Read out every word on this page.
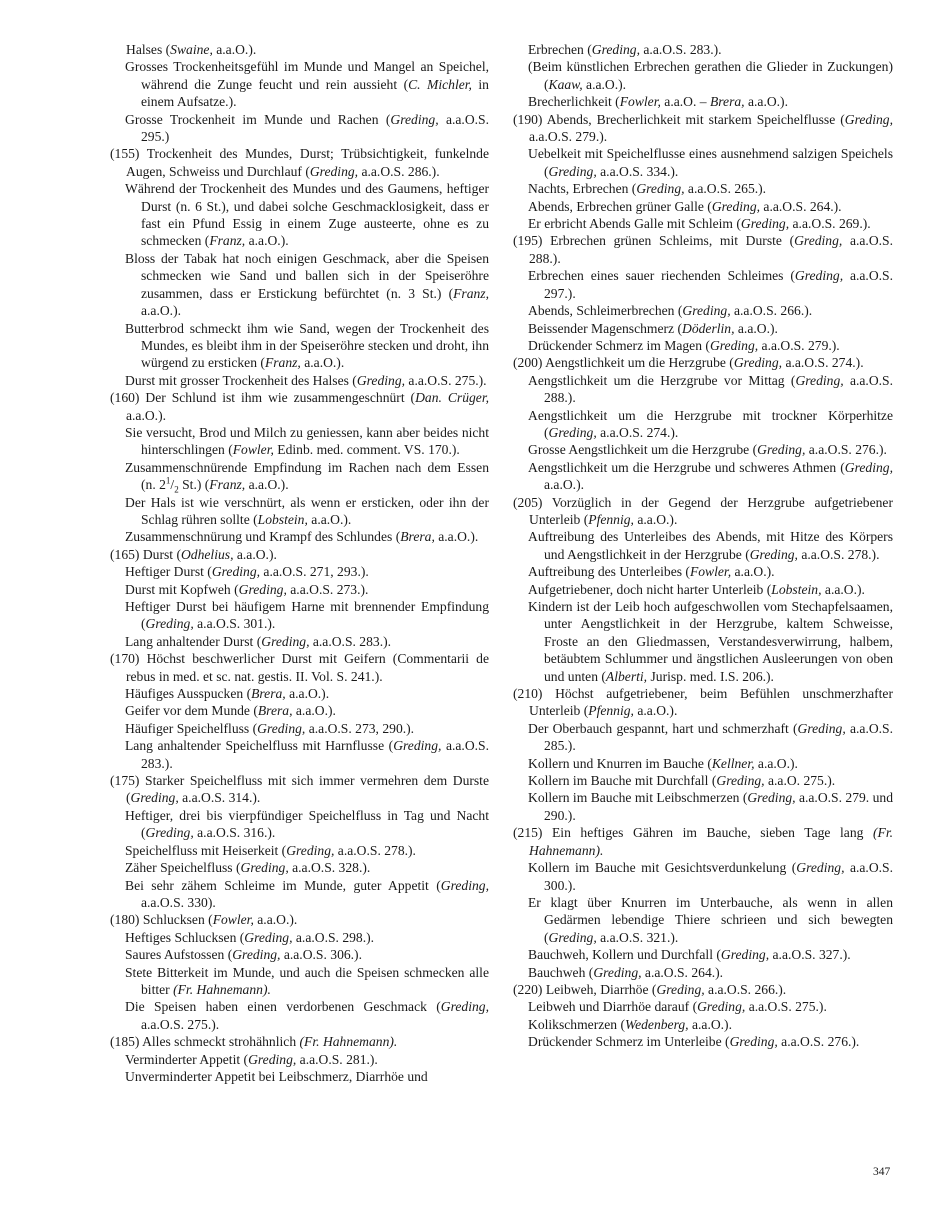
Halses (Swaine, a.a.O.).
Grosses Trockenheitsgefühl im Munde und Mangel an Speichel, während die Zunge feucht und rein aussieht (C. Michler, in einem Aufsatze.).
Grosse Trockenheit im Munde und Rachen (Greding, a.a.O.S. 295.)
(155) Trockenheit des Mundes, Durst; Trübsichtigkeit, funkelnde Augen, Schweiss und Durchlauf (Greding, a.a.O.S. 286.).
Während der Trockenheit des Mundes und des Gaumens, heftiger Durst (n. 6 St.), und dabei solche Geschmacklosigkeit, dass er fast ein Pfund Essig in einem Zuge austeerte, ohne es zu schmecken (Franz, a.a.O.).
Bloss der Tabak hat noch einigen Geschmack, aber die Speisen schmecken wie Sand und ballen sich in der Speiseröhre zusammen, dass er Erstickung befürchtet (n. 3 St.) (Franz, a.a.O.).
Butterbrod schmeckt ihm wie Sand, wegen der Trockenheit des Mundes, es bleibt ihm in der Speiseröhre stecken und droht, ihn würgend zu ersticken (Franz, a.a.O.).
Durst mit grosser Trockenheit des Halses (Greding, a.a.O.S. 275.).
(160) Der Schlund ist ihm wie zusammengeschnürt (Dan. Crüger, a.a.O.).
Sie versucht, Brod und Milch zu geniessen, kann aber beides nicht hinterschlingen (Fowler, Edinb. med. comment. VS. 170.).
Zusammenschnürende Empfindung im Rachen nach dem Essen (n. $2^1/_2$ St.) (Franz, a.a.O.).
Der Hals ist wie verschnürt, als wenn er ersticken, oder ihn der Schlag rühren sollte (Lobstein, a.a.O.).
Zusammenschnürung und Krampf des Schlundes (Brera, a.a.O.).
(165) Durst (Odhelius, a.a.O.).
Heftiger Durst (Greding, a.a.O.S. 271, 293.).
Durst mit Kopfweh (Greding, a.a.O.S. 273.).
Heftiger Durst bei häufigem Harne mit brennender Empfindung (Greding, a.a.O.S. 301.).
Lang anhaltender Durst (Greding, a.a.O.S. 283.).
(170) Höchst beschwerlicher Durst mit Geifern (Commentarii de rebus in med. et sc. nat. gestis. II. Vol. S. 241.).
Häufiges Ausspucken (Brera, a.a.O.).
Geifer vor dem Munde (Brera, a.a.O.).
Häufiger Speichelfluss (Greding, a.a.O.S. 273, 290.).
Lang anhaltender Speichelfluss mit Harnflusse (Greding, a.a.O.S. 283.).
(175) Starker Speichelfluss mit sich immer vermehren dem Durste (Greding, a.a.O.S. 314.).
Heftiger, drei bis vierpfündiger Speichelfluss in Tag und Nacht (Greding, a.a.O.S. 316.).
Speichelfluss mit Heiserkeit (Greding, a.a.O.S. 278.).
Zäher Speichelfluss (Greding, a.a.O.S. 328.).
Bei sehr zähem Schleime im Munde, guter Appetit (Greding, a.a.O.S. 330).
(180) Schlucksen (Fowler, a.a.O.).
Heftiges Schlucksen (Greding, a.a.O.S. 298.).
Saures Aufstossen (Greding, a.a.O.S. 306.).
Stete Bitterkeit im Munde, und auch die Speisen schmecken alle bitter (Fr. Hahnemann).
Die Speisen haben einen verdorbenen Geschmack (Greding, a.a.O.S. 275.).
(185) Alles schmeckt strohähnlich (Fr. Hahnemann).
Verminderter Appetit (Greding, a.a.O.S. 281.).
Unverminderter Appetit bei Leibschmerz, Diarrhöe und
Erbrechen (Greding, a.a.O.S. 283.).
(Beim künstlichen Erbrechen gerathen die Glieder in Zuckungen) (Kaaw, a.a.O.).
Brecherlichkeit (Fowler, a.a.O. – Brera, a.a.O.).
(190) Abends, Brecherlichkeit mit starkem Speichelflusse (Greding, a.a.O.S. 279.).
Uebelkeit mit Speichelflusse eines ausnehmend salzigen Speichels (Greding, a.a.O.S. 334.).
Nachts, Erbrechen (Greding, a.a.O.S. 265.).
Abends, Erbrechen grüner Galle (Greding, a.a.O.S. 264.).
Er erbricht Abends Galle mit Schleim (Greding, a.a.O.S. 269.).
(195) Erbrechen grünen Schleims, mit Durste (Greding, a.a.O.S. 288.).
Erbrechen eines sauer riechenden Schleimes (Greding, a.a.O.S. 297.).
Abends, Schleimerbrechen (Greding, a.a.O.S. 266.).
Beissender Magenschmerz (Döderlin, a.a.O.).
Drückender Schmerz im Magen (Greding, a.a.O.S. 279.).
(200) Aengstlichkeit um die Herzgrube (Greding, a.a.O.S. 274.).
Aengstlichkeit um die Herzgrube vor Mittag (Greding, a.a.O.S. 288.).
Aengstlichkeit um die Herzgrube mit trockner Körperhitze (Greding, a.a.O.S. 274.).
Grosse Aengstlichkeit um die Herzgrube (Greding, a.a.O.S. 276.).
Aengstlichkeit um die Herzgrube und schweres Athmen (Greding, a.a.O.).
(205) Vorzüglich in der Gegend der Herzgrube aufgetriebener Unterleib (Pfennig, a.a.O.).
Auftreibung des Unterleibes des Abends, mit Hitze des Körpers und Aengstlichkeit in der Herzgrube (Greding, a.a.O.S. 278.).
Auftreibung des Unterleibes (Fowler, a.a.O.).
Aufgetriebener, doch nicht harter Unterleib (Lobstein, a.a.O.).
Kindern ist der Leib hoch aufgeschwollen vom Stechapfelsaamen, unter Aengstlichkeit in der Herzgrube, kaltem Schweisse, Froste an den Gliedmassen, Verstandesverwirrung, halbem, betäubtem Schlummer und ängstlichen Ausleerungen von oben und unten (Alberti, Jurisp. med. I.S. 206.).
(210) Höchst aufgetriebener, beim Befühlen unschmerzhafter Unterleib (Pfennig, a.a.O.).
Der Oberbauch gespannt, hart und schmerzhaft (Greding, a.a.O.S. 285.).
Kollern und Knurren im Bauche (Kellner, a.a.O.).
Kollern im Bauche mit Durchfall (Greding, a.a.O. 275.).
Kollern im Bauche mit Leibschmerzen (Greding, a.a.O.S. 279. und 290.).
(215) Ein heftiges Gähren im Bauche, sieben Tage lang (Fr. Hahnemann).
Kollern im Bauche mit Gesichtsverdunkelung (Greding, a.a.O.S. 300.).
Er klagt über Knurren im Unterbauche, als wenn in allen Gedärmen lebendige Thiere schrieen und sich bewegten (Greding, a.a.O.S. 321.).
Bauchweh, Kollern und Durchfall (Greding, a.a.O.S. 327.).
Bauchweh (Greding, a.a.O.S. 264.).
(220) Leibweh, Diarrhöe (Greding, a.a.O.S. 266.).
Leibweh und Diarrhöe darauf (Greding, a.a.O.S. 275.).
Kolikschmerzen (Wedenberg, a.a.O.).
Drückender Schmerz im Unterleibe (Greding, a.a.O.S. 276.).
347
